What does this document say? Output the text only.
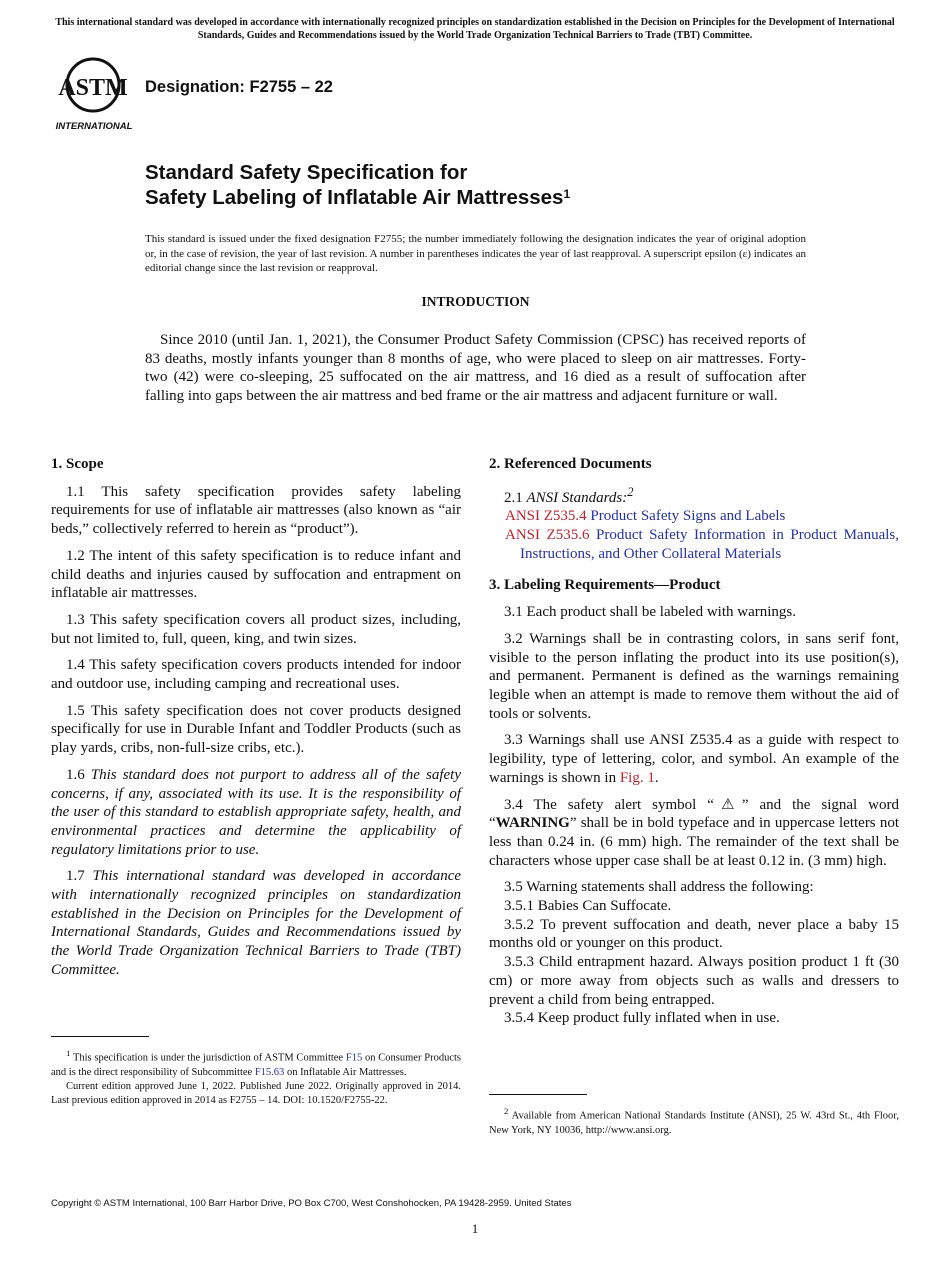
This international standard was developed in accordance with internationally recognized principles on standardization established in the Decision on Principles for the Development of International Standards, Guides and Recommendations issued by the World Trade Organization Technical Barriers to Trade (TBT) Committee.
ASTM
INTERNATIONAL
Designation: F2755 – 22
Standard Safety Specification for
Safety Labeling of Inflatable Air Mattresses$^1$
This standard is issued under the fixed designation F2755; the number immediately following the designation indicates the year of original adoption or, in the case of revision, the year of last revision. A number in parentheses indicates the year of last reapproval. A superscript epsilon (ε) indicates an editorial change since the last revision or reapproval.
INTRODUCTION
Since 2010 (until Jan. 1, 2021), the Consumer Product Safety Commission (CPSC) has received reports of 83 deaths, mostly infants younger than 8 months of age, who were placed to sleep on air mattresses. Forty-two (42) were co-sleeping, 25 suffocated on the air mattress, and 16 died as a result of suffocation after falling into gaps between the air mattress and bed frame or the air mattress and adjacent furniture or wall.
1. Scope

1.1 This safety specification provides safety labeling requirements for use of inflatable air mattresses (also known as “air beds,” collectively referred to herein as “product”).

1.2 The intent of this safety specification is to reduce infant and child deaths and injuries caused by suffocation and entrapment on inflatable air mattresses.

1.3 This safety specification covers all product sizes, including, but not limited to, full, queen, king, and twin sizes.

1.4 This safety specification covers products intended for indoor and outdoor use, including camping and recreational uses.

1.5 This safety specification does not cover products designed specifically for use in Durable Infant and Toddler Products (such as play yards, cribs, non-full-size cribs, etc.).

1.6 This standard does not purport to address all of the safety concerns, if any, associated with its use. It is the responsibility of the user of this standard to establish appropriate safety, health, and environmental practices and determine the applicability of regulatory limitations prior to use.

1.7 This international standard was developed in accordance with internationally recognized principles on standardization established in the Decision on Principles for the Development of International Standards, Guides and Recommendations issued by the World Trade Organization Technical Barriers to Trade (TBT) Committee.

$^1$ This specification is under the jurisdiction of ASTM Committee F15 on Consumer Products and is the direct responsibility of Subcommittee F15.63 on Inflatable Air Mattresses.

Current edition approved June 1, 2022. Published June 2022. Originally approved in 2014. Last previous edition approved in 2014 as F2755 – 14. DOI: 10.1520/F2755-22.

2. Referenced Documents

2.1 ANSI Standards:$^2$

ANSI Z535.4 Product Safety Signs and Labels

ANSI Z535.6 Product Safety Information in Product Manuals, Instructions, and Other Collateral Materials

3. Labeling Requirements—Product

3.1 Each product shall be labeled with warnings.

3.2 Warnings shall be in contrasting colors, in sans serif font, visible to the person inflating the product into its use position(s), and permanent. Permanent is defined as the warnings remaining legible when an attempt is made to remove them without the aid of tools or solvents.

3.3 Warnings shall use ANSI Z535.4 as a guide with respect to legibility, type of lettering, color, and symbol. An example of the warnings is shown in Fig. 1.

3.4 The safety alert symbol “⚠” and the signal word “WARNING” shall be in bold typeface and in uppercase letters not less than 0.24 in. (6 mm) high. The remainder of the text shall be characters whose upper case shall be at least 0.12 in. (3 mm) high.

3.5 Warning statements shall address the following:

3.5.1 Babies Can Suffocate.

3.5.2 To prevent suffocation and death, never place a baby 15 months old or younger on this product.

3.5.3 Child entrapment hazard. Always position product 1 ft (30 cm) or more away from objects such as walls and dressers to prevent a child from being entrapped.

3.5.4 Keep product fully inflated when in use.

$^2$ Available from American National Standards Institute (ANSI), 25 W. 43rd St., 4th Floor, New York, NY 10036, http://www.ansi.org.

Copyright © ASTM International, 100 Barr Harbor Drive, PO Box C700, West Conshohocken, PA 19428-2959. United States
1
